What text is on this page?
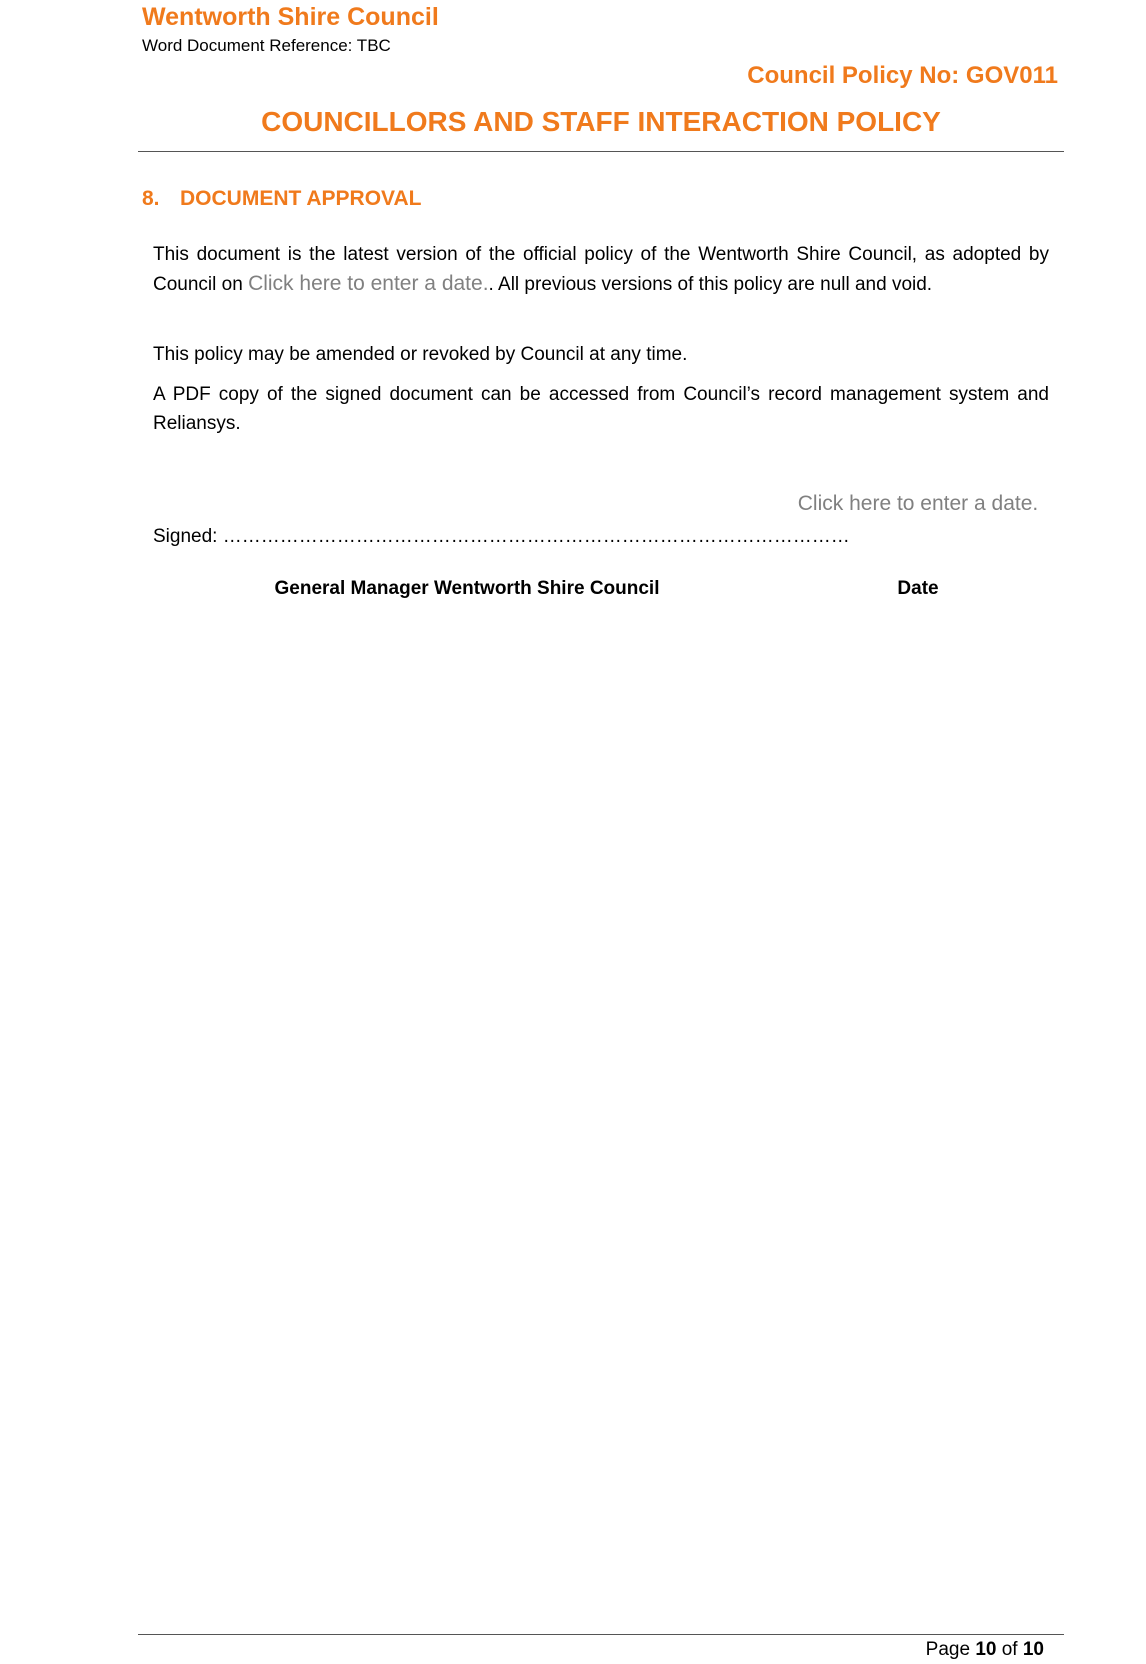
Wentworth Shire Council
Word Document Reference: TBC
Council Policy No: GOV011
COUNCILLORS AND STAFF INTERACTION POLICY
8. DOCUMENT APPROVAL
This document is the latest version of the official policy of the Wentworth Shire Council, as adopted by Council on Click here to enter a date.. All previous versions of this policy are null and void.
This policy may be amended or revoked by Council at any time.
A PDF copy of the signed document can be accessed from Council’s record management system and Reliansys.
Signed: ………………………………………………………………………………………
Click here to enter a date.
General Manager Wentworth Shire Council	Date
Page 10 of 10
